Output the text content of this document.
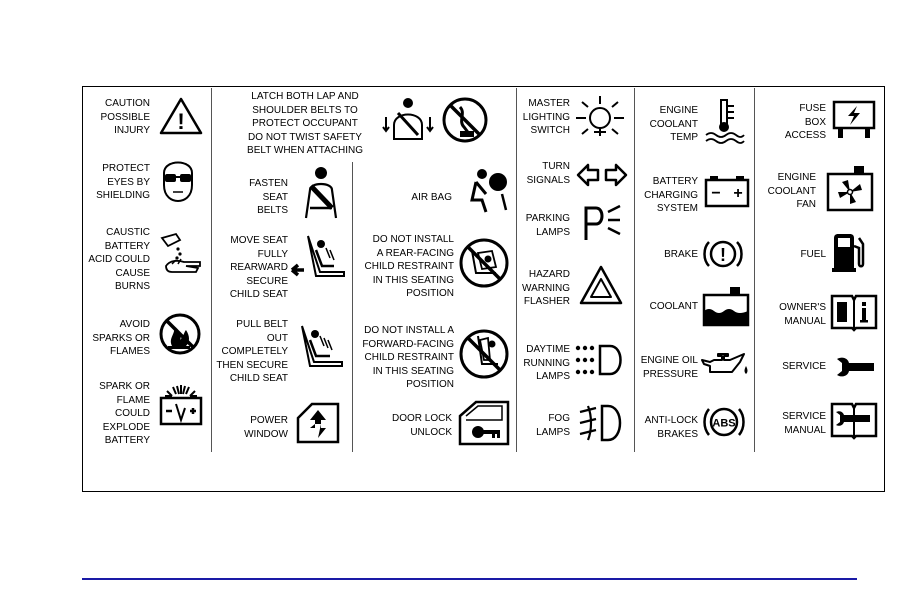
CAUTION
POSSIBLE
INJURY !
PROTECT
EYES BY
SHIELDING
CAUSTIC
BATTERY
ACID COULD
CAUSE
BURNS
AVOID
SPARKS OR
FLAMES
SPARK OR
FLAME
COULD
EXPLODE
BATTERY
LATCH BOTH LAP AND
SHOULDER BELTS TO
PROTECT OCCUPANT
DO NOT TWIST SAFETY
BELT WHEN ATTACHING
FASTEN
SEAT
BELTS
MOVE SEAT
FULLY
REARWARD
SECURE
CHILD SEAT
PULL BELT
OUT
COMPLETELY
THEN SECURE
CHILD SEAT
POWER
WINDOW
AIR BAG
DO NOT INSTALL
A REAR-FACING
CHILD RESTRAINT
IN THIS SEATING
POSITION
DO NOT INSTALL A
FORWARD-FACING
CHILD RESTRAINT
IN THIS SEATING
POSITION
DOOR LOCK
UNLOCK
MASTER
LIGHTING
SWITCH
TURN
SIGNALS
PARKING
LAMPS
HAZARD
WARNING
FLASHER
DAYTIME
RUNNING
LAMPS
FOG
LAMPS
ENGINE
COOLANT
TEMP
BATTERY
CHARGING
SYSTEM
− +
BRAKE !
COOLANT
ENGINE OIL
PRESSURE
ANTI-LOCK
BRAKES
ABS
FUSE
BOX
ACCESS
ENGINE
COOLANT
FAN
FUEL
OWNER'S
MANUAL
SERVICE
SERVICE
MANUAL
